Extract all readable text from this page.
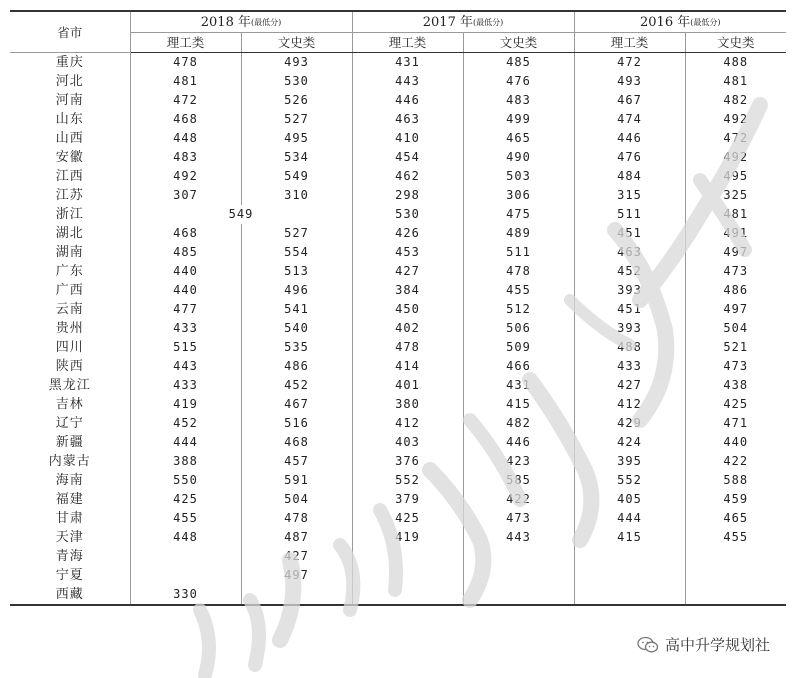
省市	2018 年(最低分)		2017 年(最低分)		2016 年(最低分)	
	理工类	文史类	理工类	文史类	理工类	文史类
重庆	478	493	431	485	472	488
河北	481	530	443	476	493	481
河南	472	526	446	483	467	482
山东	468	527	463	499	474	492
山西	448	495	410	465	446	472
安徽	483	534	454	490	476	492
江西	492	549	462	503	484	495
江苏	307	310	298	306	315	325
浙江	549		530	475	511	481
湖北	468	527	426	489	451	491
湖南	485	554	453	511	463	497
广东	440	513	427	478	452	473
广西	440	496	384	455	393	486
云南	477	541	450	512	451	497
贵州	433	540	402	506	393	504
四川	515	535	478	509	488	521
陕西	443	486	414	466	433	473
黑龙江	433	452	401	431	427	438
吉林	419	467	380	415	412	425
辽宁	452	516	412	482	429	471
新疆	444	468	403	446	424	440
内蒙古	388	457	376	423	395	422
海南	550	591	552	585	552	588
福建	425	504	379	422	405	459
甘肃	455	478	425	473	444	465
天津	448	487	419	443	415	455
青海		427				
宁夏		497				
西藏	330					
高中升学规划社
